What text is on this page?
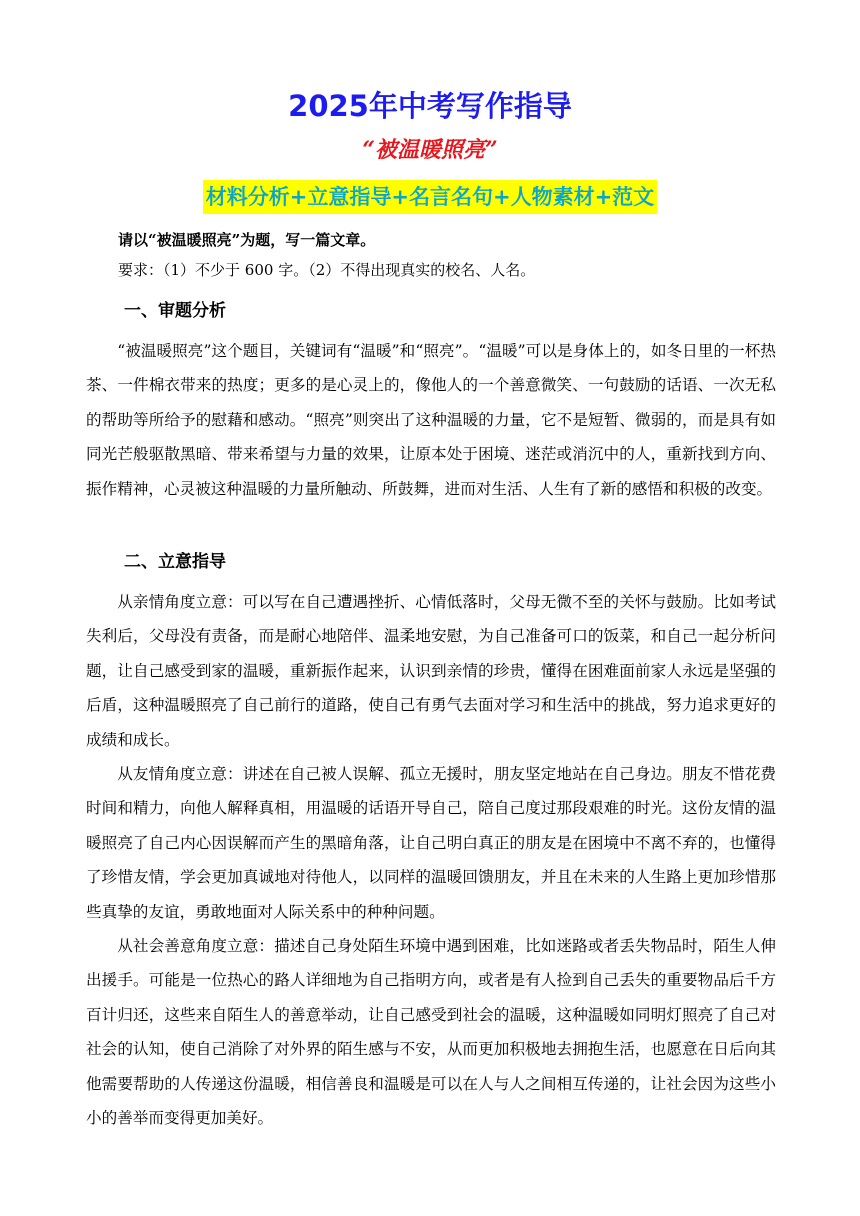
2025年中考写作指导
“被温暖照亮”
材料分析+立意指导+名言名句+人物素材+范文
请以“被温暖照亮”为题，写一篇文章。
要求：（1）不少于 600 字。（2）不得出现真实的校名、人名。
一、审题分析

“被温暖照亮”这个题目，关键词有“温暖”和“照亮”。“温暖”可以是身体上的，如冬日里的一杯热茶、一件棉衣带来的热度；更多的是心灵上的，像他人的一个善意微笑、一句鼓励的话语、一次无私的帮助等所给予的慰藉和感动。“照亮”则突出了这种温暖的力量，它不是短暂、微弱的，而是具有如同光芒般驱散黑暗、带来希望与力量的效果，让原本处于困境、迷茫或消沉中的人，重新找到方向、振作精神，心灵被这种温暖的力量所触动、所鼓舞，进而对生活、人生有了新的感悟和积极的改变。

二、立意指导

从亲情角度立意：可以写在自己遭遇挫折、心情低落时，父母无微不至的关怀与鼓励。比如考试失利后，父母没有责备，而是耐心地陪伴、温柔地安慰，为自己准备可口的饭菜，和自己一起分析问题，让自己感受到家的温暖，重新振作起来，认识到亲情的珍贵，懂得在困难面前家人永远是坚强的后盾，这种温暖照亮了自己前行的道路，使自己有勇气去面对学习和生活中的挑战，努力追求更好的成绩和成长。

从友情角度立意：讲述在自己被人误解、孤立无援时，朋友坚定地站在自己身边。朋友不惜花费时间和精力，向他人解释真相，用温暖的话语开导自己，陪自己度过那段艰难的时光。这份友情的温暖照亮了自己内心因误解而产生的黑暗角落，让自己明白真正的朋友是在困境中不离不弃的，也懂得了珍惜友情，学会更加真诚地对待他人，以同样的温暖回馈朋友，并且在未来的人生路上更加珍惜那些真挚的友谊，勇敢地面对人际关系中的种种问题。

从社会善意角度立意：描述自己身处陌生环境中遇到困难，比如迷路或者丢失物品时，陌生人伸出援手。可能是一位热心的路人详细地为自己指明方向，或者是有人捡到自己丢失的重要物品后千方百计归还，这些来自陌生人的善意举动，让自己感受到社会的温暖，这种温暖如同明灯照亮了自己对社会的认知，使自己消除了对外界的陌生感与不安，从而更加积极地去拥抱生活，也愿意在日后向其他需要帮助的人传递这份温暖，相信善良和温暖是可以在人与人之间相互传递的，让社会因为这些小小的善举而变得更加美好。
